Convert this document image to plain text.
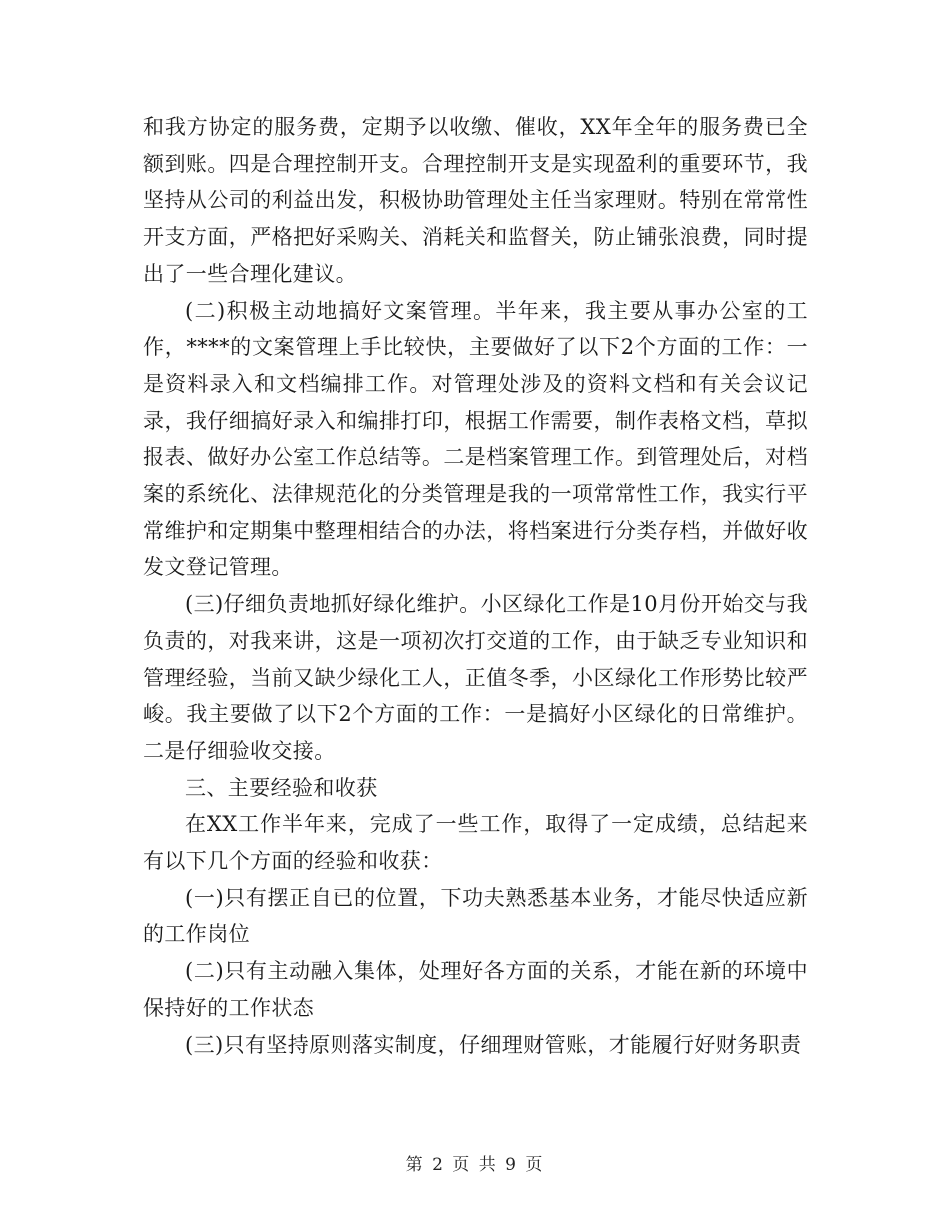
和我方协定的服务费，定期予以收缴、催收，XX年全年的服务费已全额到账。四是合理控制开支。合理控制开支是实现盈利的重要环节，我坚持从公司的利益出发，积极协助管理处主任当家理财。特别在常常性开支方面，严格把好采购关、消耗关和监督关，防止铺张浪费，同时提出了一些合理化建议。

(二)积极主动地搞好文案管理。半年来，我主要从事办公室的工作，****的文案管理上手比较快，主要做好了以下2个方面的工作：一是资料录入和文档编排工作。对管理处涉及的资料文档和有关会议记录，我仔细搞好录入和编排打印，根据工作需要，制作表格文档，草拟报表、做好办公室工作总结等。二是档案管理工作。到管理处后，对档案的系统化、法律规范化的分类管理是我的一项常常性工作，我实行平常维护和定期集中整理相结合的办法，将档案进行分类存档，并做好收发文登记管理。

(三)仔细负责地抓好绿化维护。小区绿化工作是10月份开始交与我负责的，对我来讲，这是一项初次打交道的工作，由于缺乏专业知识和管理经验，当前又缺少绿化工人，正值冬季，小区绿化工作形势比较严峻。我主要做了以下2个方面的工作：一是搞好小区绿化的日常维护。二是仔细验收交接。

三、主要经验和收获

在XX工作半年来，完成了一些工作，取得了一定成绩，总结起来有以下几个方面的经验和收获：

(一)只有摆正自已的位置，下功夫熟悉基本业务，才能尽快适应新的工作岗位

(二)只有主动融入集体，处理好各方面的关系，才能在新的环境中保持好的工作状态

(三)只有坚持原则落实制度，仔细理财管账，才能履行好财务职责

第 2 页 共 9 页
